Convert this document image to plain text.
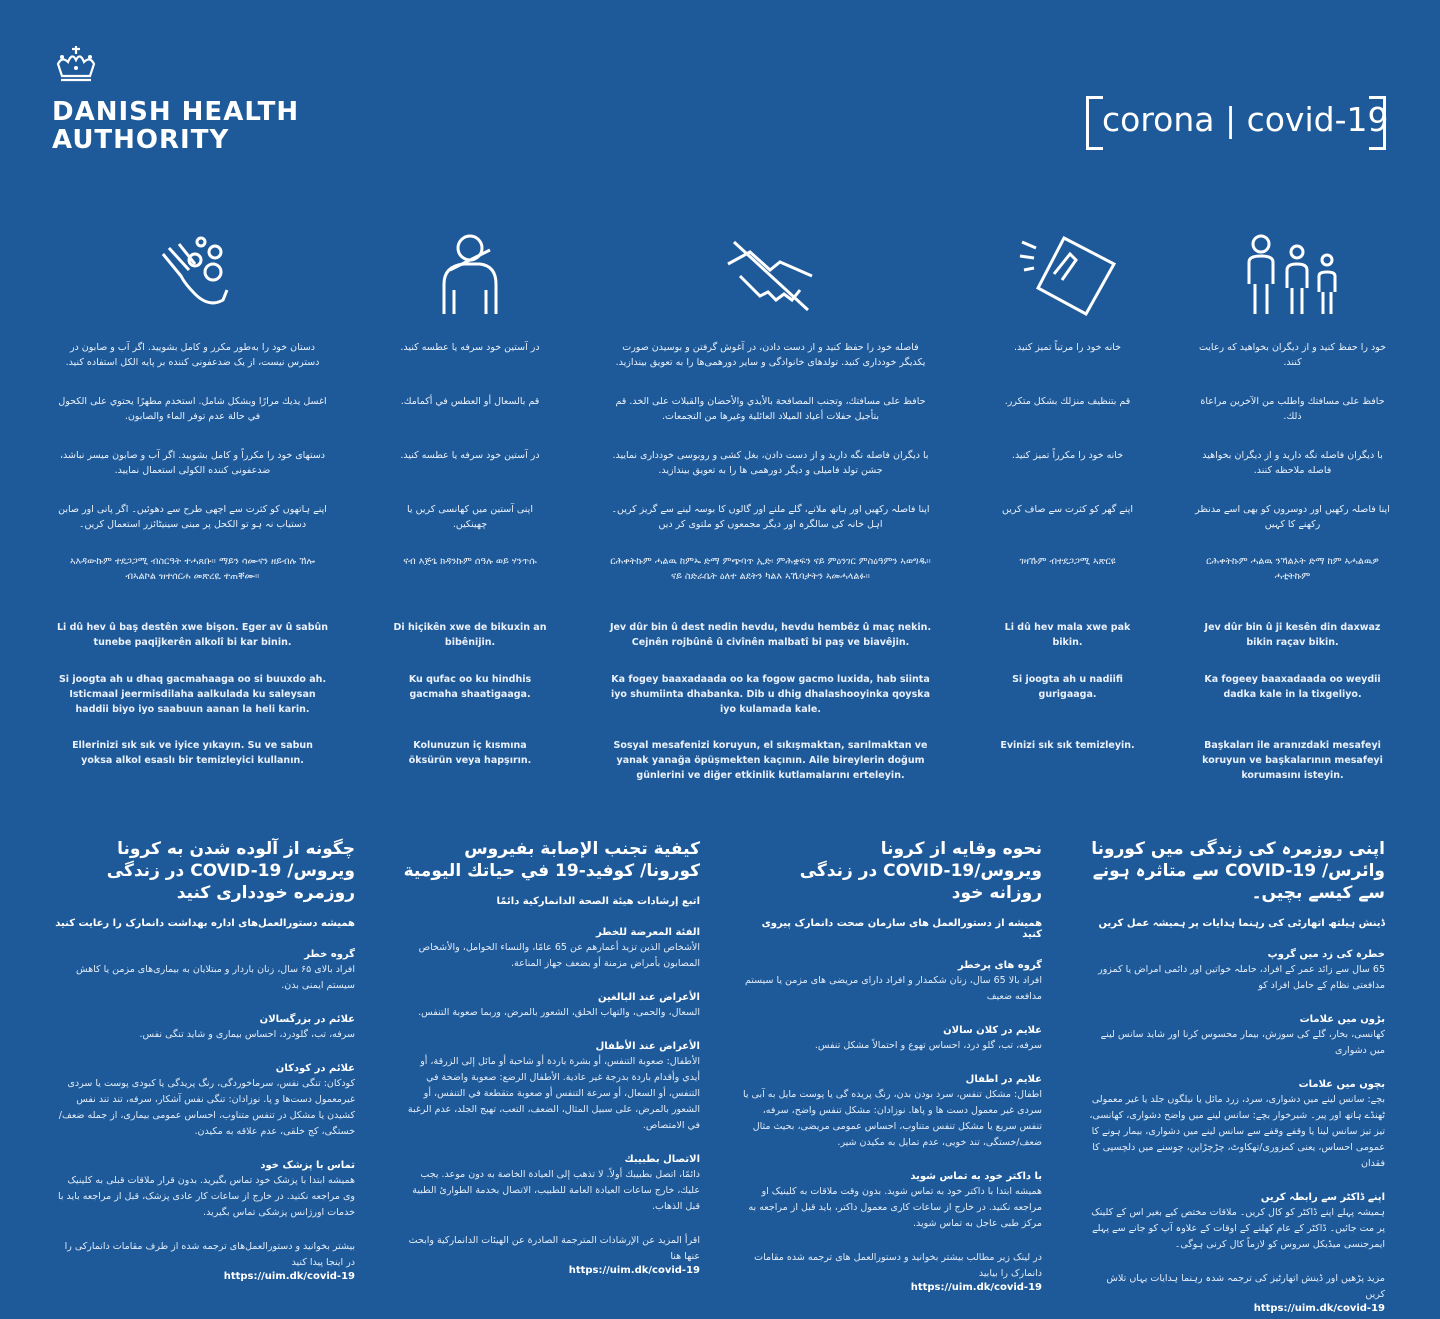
DANISH HEALTH
AUTHORITY
corona | covid-19
دستان خود را به‌طور مکرر و کامل بشویید. اگر آب و صابون در دسترس نیست، از یک ضدعفونی کننده بر پایه الکل استفاده کنید.
اغسل يديك مرارًا وبشكل شامل. استخدم مطهرًا يحتوي على الكحول في حالة عدم توفر الماء والصابون.
دستهای خود را مکرراً و کامل بشویید. اگر آب و صابون میسر نباشد، ضدعفونی کننده الکولی استعمال نمایید.
اپنے ہاتھوں کو کثرت سے اچھی طرح سے دھوئیں۔ اگر پانی اور صابن دستیاب نہ ہو تو الکحل پر مبنی سینیٹائزر استعمال کریں۔
ኣእዳውኩም ተደጋጋሚ ብስርዓት ተሓጸቡ። ማይን ሳሙናን ዘይብሉ ኸሎ ብኣልኮል ዝተሰርሐ መጽረዪ ተጠቐሙ።
Li dû hev û baş destên xwe bişon. Eger av û sabûn tunebe paqijkerên alkolî bi kar binin.
Si joogta ah u dhaq gacmahaaga oo si buuxdo ah. Isticmaal jeermisdilaha aalkulada ku saleysan haddii biyo iyo saabuun aanan la heli karin.
Ellerinizi sık sık ve iyice yıkayın. Su ve sabun yoksa alkol esaslı bir temizleyici kullanın.
در آستین خود سرفه یا عطسه کنید.
قم بالسعال أو العطس في أكمامك.
در آستین خود سرفه یا عطسه کنید.
اپنی آستین میں کھانسی کریں یا چھینکیں.
ናብ እጅጌ ክዳንኩም ሰዓሉ ወይ ሃንጥሱ
Di hiçikên xwe de bikuxin an bibênijin.
Ku qufac oo ku hindhis gacmaha shaatigaaga.
Kolunuzun iç kısmına öksürün veya hapşırın.
فاصله خود را حفظ کنید و از دست دادن، در آغوش گرفتن و بوسیدن صورت یکدیگر خودداری کنید. تولدهای خانوادگی و سایر دورهمی‌ها را به تعویق بیندازید.
حافظ على مسافتك، وتجنب المصافحة بالأيدي والأحضان والقبلات على الخد. قم بتأجيل حفلات أعياد الميلاد العائلية وغيرها من التجمعات.
با دیگران فاصله نگه دارید و از دست دادن، بغل کشی و روبوسی خودداری نمایید. جشن تولد فامیلی و دیگر دورهمی ها را به تعویق بیندازید.
اپنا فاصلہ رکھیں اور ہاتھ ملانے، گلے ملنے اور گالوں کا بوسہ لینے سے گریز کریں۔ اہل خانہ کی سالگرہ اور دیگر مجمعوں کو ملتوی کر دیں
ርሕቀትኩም ሓልዉ ከምኡ ድማ ምጭባጥ ኢድ፡ ምሕቋፍን ናይ ምዕንገር ምስዕዓምን ኣወግዱ። ናይ ስድራቤት ዕለተ ልደትን ካልእ ኣኼባታትን ኣመሓላልፉ።
Jev dûr bin û dest nedin hevdu, hevdu hembêz û maç nekin. Cejnên rojbûnê û civînên malbatî bi paş ve biavêjin.
Ka fogey baaxadaada oo ka fogow gacmo luxida, hab siinta iyo shumiinta dhabanka. Dib u dhig dhalashooyinka qoyska iyo kulamada kale.
Sosyal mesafenizi koruyun, el sıkışmaktan, sarılmaktan ve yanak yanağa öpüşmekten kaçının. Aile bireylerin doğum günlerini ve diğer etkinlik kutlamalarını erteleyin.
خانه خود را مرتباً تمیز کنید.
قم بتنظيف منزلك بشكل متكرر.
خانه خود را مکرراً تمیز کنید.
اپنے گھر کو کثرت سے صاف کریں
ገዛኹም ብተደጋጋሚ ኣጽርዩ
Li dû hev mala xwe pak bikin.
Si joogta ah u nadiifi gurigaaga.
Evinizi sık sık temizleyin.
خود را حفظ کنید و از دیگران بخواهید که رعایت کنند.
حافظ على مسافتك واطلب من الآخرين مراعاة ذلك.
با دیگران فاصله نگه دارید و از دیگران بخواهید فاصله ملاحظه کنند.
اپنا فاصلہ رکھیں اور دوسروں کو بھی اسے مدنظر رکھنے کا کہیں
ርሕቀትኩም ሓልዉ ንኻልኦት ድማ ከም ኣሓልዉዎ ሓቲትኩም
Jev dûr bin û ji kesên din daxwaz bikin raçav bikin.
Ka fogeey baaxadaada oo weydii dadka kale in la tixgeliyo.
Başkaları ile aranızdaki mesafeyi koruyun ve başkalarının mesafeyi korumasını isteyin.
چگونه از آلوده شدن به کرونا ویروس/ COVID-19 در زندگی روزمره خودداری کنید
همیشه دستورالعمل‌های اداره بهداشت دانمارک را رعایت کنید
گروه خطر
افراد بالای ۶۵ سال، زنان باردار و مبتلایان به بیماری‌های مزمن یا کاهش سیستم ایمنی بدن.
علائم در بزرگسالان
سرفه، تب، گلودرد، احساس بیماری و شاید تنگی نفس.
علائم در کودکان
کودکان: تنگی نفس، سرماخوردگی، رنگ پریدگی یا کبودی پوست یا سردی غیرمعمول دست‌ها و پا. نوزادان: تنگی نفس آشکار، سرفه، تند تند نفس کشیدن یا مشکل در تنفس متناوب، احساس عمومی بیماری، از جمله ضعف/خستگی، کج خلقی، عدم علاقه به مکیدن.
تماس با پزشک خود
همیشه ابتدا با پزشک خود تماس بگیرید. بدون قرار ملاقات قبلی به کلینیک وی مراجعه نکنید. در خارج از ساعات کار عادی پزشک، قبل از مراجعه باید با خدمات اورژانس پزشکی تماس بگیرید.
بیشتر بخوانید و دستورالعمل‌های ترجمه شده از طرف مقامات دانمارکی را در اینجا پیدا کنید
https://uim.dk/covid-19
كيفية تجنب الإصابة بفيروس كورونا/ كوفيد-19 في حياتك اليومية
اتبع إرشادات هيئة الصحة الدانماركية دائمًا
الفئة المعرضة للخطر
الأشخاص الذين تزيد أعمارهم عن 65 عامًا، والنساء الحوامل، والأشخاص المصابون بأمراض مزمنة أو بضعف جهاز المناعة.
الأعراض عند البالغين
السعال، والحمى، والتهاب الحلق، الشعور بالمرض، وربما صعوبة التنفس.
الأعراض عند الأطفال
الأطفال: صعوبة التنفس، أو بشرة باردة أو شاحبة أو مائل إلى الزرقة، أو أيدي وأقدام باردة بدرجة غير عادية. الأطفال الرضع: صعوبة واضحة في التنفس، أو السعال، أو سرعة التنفس أو صعوبة متقطعة في التنفس، أو الشعور بالمرض، على سبيل المثال، الضعف، التعب، تهيج الجلد، عدم الرغبة في الامتصاص.
الاتصال بطبيبك
دائمًا، اتصل بطبيبك أولاً. لا تذهب إلى العيادة الخاصة به دون موعد. يجب عليك، خارج ساعات العيادة العامة للطبيب، الاتصال بخدمة الطوارئ الطبية قبل الذهاب.
اقرأ المزيد عن الإرشادات المترجمة الصادرة عن الهيئات الدانماركية وابحث عنها هنا
https://uim.dk/covid-19
نحوه وقایه از کرونا ویروس/COVID-19 در زندگی روزانه خود
همیشه از دستورالعمل های سازمان صحت دانمارک پیروی کنید
گروه های پرخطر
افراد بالا 65 سال، زنان شکمدار و افراد دارای مریضی های مزمن یا سیستم مدافعه ضعیف
علایم در کلان سالان
سرفه، تب، گلو درد، احساس تهوع و احتمالاً مشکل تنفس.
علایم در اطفال
اطفال: مشکل تنفس، سرد بودن بدن، رنگ پریده گی یا پوست مایل به آبی یا سردی غیر معمول دست ها و پاها. نوزادان: مشکل تنفس واضح، سرفه، تنفس سریع یا مشکل تنفس متناوب، احساس عمومی مریضی، بحیث مثال ضعف/خستگی، تند خویی، عدم تمایل به مکیدن شیر.
با داکتر خود به تماس شوید
همیشه ابتدا با داکتر خود به تماس شوید. بدون وقت ملاقات به کلینیک او مراجعه نکنید. در خارج از ساعات کاری معمول داکتر، باید قبل از مراجعه به مرکز طبی عاجل به تماس شوید.
در لینک زیر مطالب بیشتر بخوانید و دستورالعمل های ترجمه شده مقامات دانمارک را بیابید
https://uim.dk/covid-19
اپنی روزمرہ کی زندگی میں کورونا وائرس/ COVID-19 سے متاثرہ ہونے سے کیسے بچیں۔
ڈینش ہیلتھ اتھارٹی کی رہنما ہدایات پر ہمیشہ عمل کریں
خطرہ کی زد میں گروپ
65 سال سے زائد عمر کے افراد، حاملہ خواتین اور دائمی امراض یا کمزور مدافعتی نظام کے حامل افراد کو
بڑوں میں علامات
کھانسی، بخار، گلے کی سوزش، بیمار محسوس کرنا اور شاید سانس لینے میں دشواری
بچوں میں علامات
بچے: سانس لینے میں دشواری، سرد، زرد مائل یا نیلگوں جلد یا غیر معمولی ٹھنڈے ہاتھ اور پیر۔ شیرخوار بچے: سانس لینے میں واضح دشواری، کھانسی، تیز تیز سانس لینا یا وقفے وقفے سے سانس لینے میں دشواری، بیمار ہونے کا عمومی احساس، یعنی کمزوری/تھکاوٹ، چڑچڑاپن، چوسنے میں دلچسپی کا فقدان
اپنے ڈاکٹر سے رابطہ کریں
ہمیشہ پہلے اپنے ڈاکٹر کو کال کریں۔ ملاقات مختص کیے بغیر اس کے کلینک پر مت جائیں۔ ڈاکٹر کے عام کھلنے کے اوقات کے علاوہ آپ کو جانے سے پہلے ایمرجنسی میڈیکل سروس کو لازماً کال کرنی ہوگی۔
مزید پڑھیں اور ڈینش اتھارٹیز کی ترجمہ شدہ رہنما ہدایات یہاں تلاش کریں
https://uim.dk/covid-19
